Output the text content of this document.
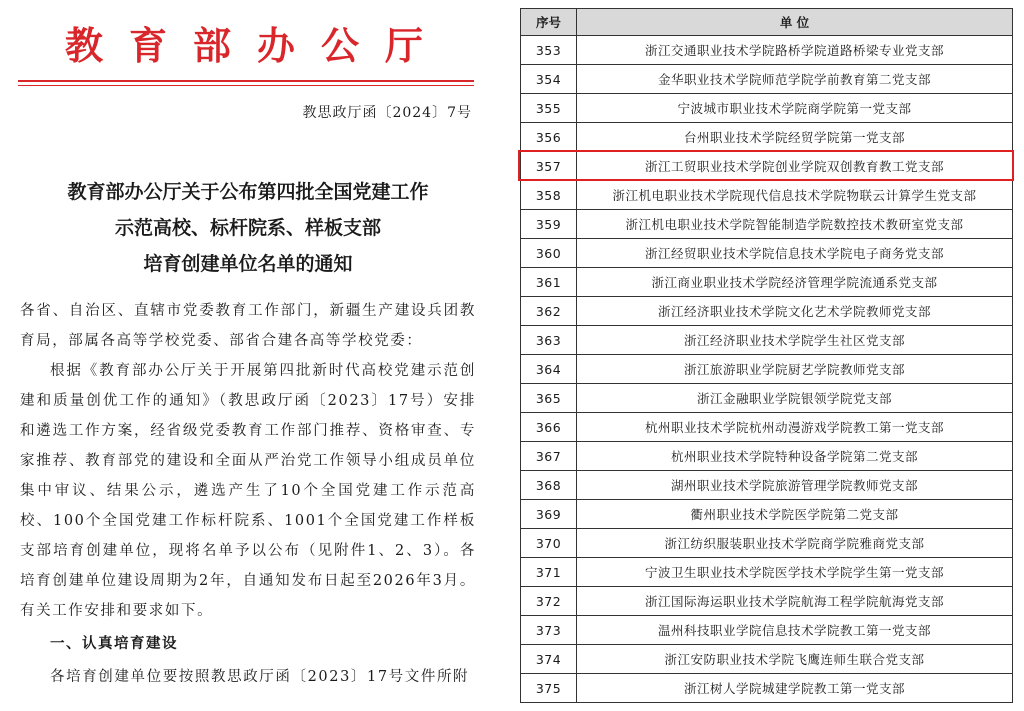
教育部办公厅
教思政厅函〔2024〕7号
教育部办公厅关于公布第四批全国党建工作
示范高校、标杆院系、样板支部
培育创建单位名单的通知
各省、自治区、直辖市党委教育工作部门，新疆生产建设兵团教育局，部属各高等学校党委、部省合建各高等学校党委：
根据《教育部办公厅关于开展第四批新时代高校党建示范创建和质量创优工作的通知》（教思政厅函〔2023〕17号）安排和遴选工作方案，经省级党委教育工作部门推荐、资格审查、专家推荐、教育部党的建设和全面从严治党工作领导小组成员单位集中审议、结果公示，遴选产生了10个全国党建工作示范高校、100个全国党建工作标杆院系、1001个全国党建工作样板支部培育创建单位，现将名单予以公布（见附件1、2、3）。各培育创建单位建设周期为2年，自通知发布日起至2026年3月。有关工作安排和要求如下。
一、认真培育建设
各培育创建单位要按照教思政厅函〔2023〕17号文件所附
序号	单 位
353	浙江交通职业技术学院路桥学院道路桥梁专业党支部
354	金华职业技术学院师范学院学前教育第二党支部
355	宁波城市职业技术学院商学院第一党支部
356	台州职业技术学院经贸学院第一党支部
357	浙江工贸职业技术学院创业学院双创教育教工党支部
358	浙江机电职业技术学院现代信息技术学院物联云计算学生党支部
359	浙江机电职业技术学院智能制造学院数控技术教研室党支部
360	浙江经贸职业技术学院信息技术学院电子商务党支部
361	浙江商业职业技术学院经济管理学院流通系党支部
362	浙江经济职业技术学院文化艺术学院教师党支部
363	浙江经济职业技术学院学生社区党支部
364	浙江旅游职业学院厨艺学院教师党支部
365	浙江金融职业学院银领学院党支部
366	杭州职业技术学院杭州动漫游戏学院教工第一党支部
367	杭州职业技术学院特种设备学院第二党支部
368	湖州职业技术学院旅游管理学院教师党支部
369	衢州职业技术学院医学院第二党支部
370	浙江纺织服装职业技术学院商学院雅商党支部
371	宁波卫生职业技术学院医学技术学院学生第一党支部
372	浙江国际海运职业技术学院航海工程学院航海党支部
373	温州科技职业学院信息技术学院教工第一党支部
374	浙江安防职业技术学院飞鹰连师生联合党支部
375	浙江树人学院城建学院教工第一党支部
